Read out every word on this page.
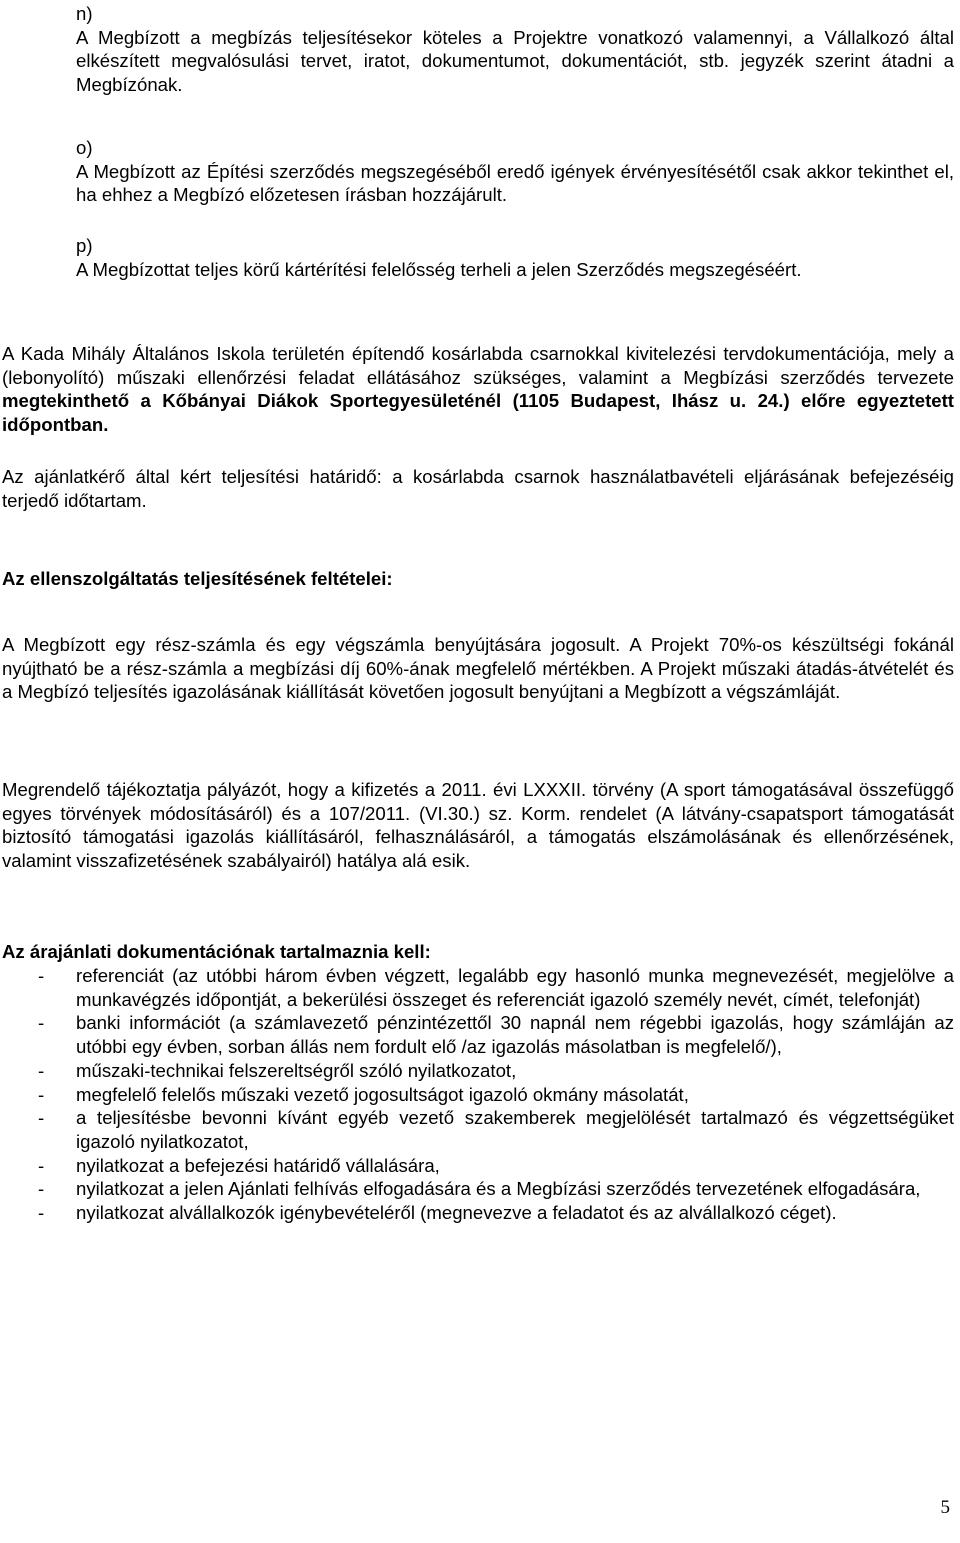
n)
A Megbízott a megbízás teljesítésekor köteles a Projektre vonatkozó valamennyi, a Vállalkozó által elkészített megvalósulási tervet, iratot, dokumentumot, dokumentációt, stb. jegyzék szerint átadni a Megbízónak.
o)
A Megbízott az Építési szerződés megszegéséből eredő igények érvényesítésétől csak akkor tekinthet el, ha ehhez a Megbízó előzetesen írásban hozzájárult.
p)
A Megbízottat teljes körű kártérítési felelősség terheli a jelen Szerződés megszegéséért.

A Kada Mihály Általános Iskola területén építendő kosárlabda csarnokkal kivitelezési tervdokumentációja, mely a (lebonyolító) műszaki ellenőrzési feladat ellátásához szükséges, valamint a Megbízási szerződés tervezete megtekinthető a Kőbányai Diákok Sportegyesületénél (1105 Budapest, Ihász u. 24.) előre egyeztetett időpontban.

Az ajánlatkérő által kért teljesítési határidő: a kosárlabda csarnok használatbavételi eljárásának befejezéséig terjedő időtartam.

Az ellenszolgáltatás teljesítésének feltételei:

A Megbízott egy rész-számla és egy végszámla benyújtására jogosult. A Projekt 70%-os készültségi fokánál nyújtható be a rész-számla a megbízási díj 60%-ának megfelelő mértékben. A Projekt műszaki átadás-átvételét és a Megbízó teljesítés igazolásának kiállítását követően jogosult benyújtani a Megbízott a végszámláját.

Megrendelő tájékoztatja pályázót, hogy a kifizetés a 2011. évi LXXXII. törvény (A sport támogatásával összefüggő egyes törvények módosításáról) és a 107/2011. (VI.30.) sz. Korm. rendelet (A látvány-csapatsport támogatását biztosító támogatási igazolás kiállításáról, felhasználásáról, a támogatás elszámolásának és ellenőrzésének, valamint visszafizetésének szabályairól) hatálya alá esik.

Az árajánlati dokumentációnak tartalmaznia kell:
- referenciát (az utóbbi három évben végzett, legalább egy hasonló munka megnevezését, megjelölve a munkavégzés időpontját, a bekerülési összeget és referenciát igazoló személy nevét, címét, telefonját)
- banki információt (a számlavezető pénzintézettől 30 napnál nem régebbi igazolás, hogy számláján az utóbbi egy évben, sorban állás nem fordult elő /az igazolás másolatban is megfelelő/),
- műszaki-technikai felszereltségről szóló nyilatkozatot,
- megfelelő felelős műszaki vezető jogosultságot igazoló okmány másolatát,
- a teljesítésbe bevonni kívánt egyéb vezető szakemberek megjelölését tartalmazó és végzettségüket igazoló nyilatkozatot,
- nyilatkozat a befejezési határidő vállalására,
- nyilatkozat a jelen Ajánlati felhívás elfogadására és a Megbízási szerződés tervezetének elfogadására,
- nyilatkozat alvállalkozók igénybevételéről (megnevezve a feladatot és az alvállalkozó céget).
5
